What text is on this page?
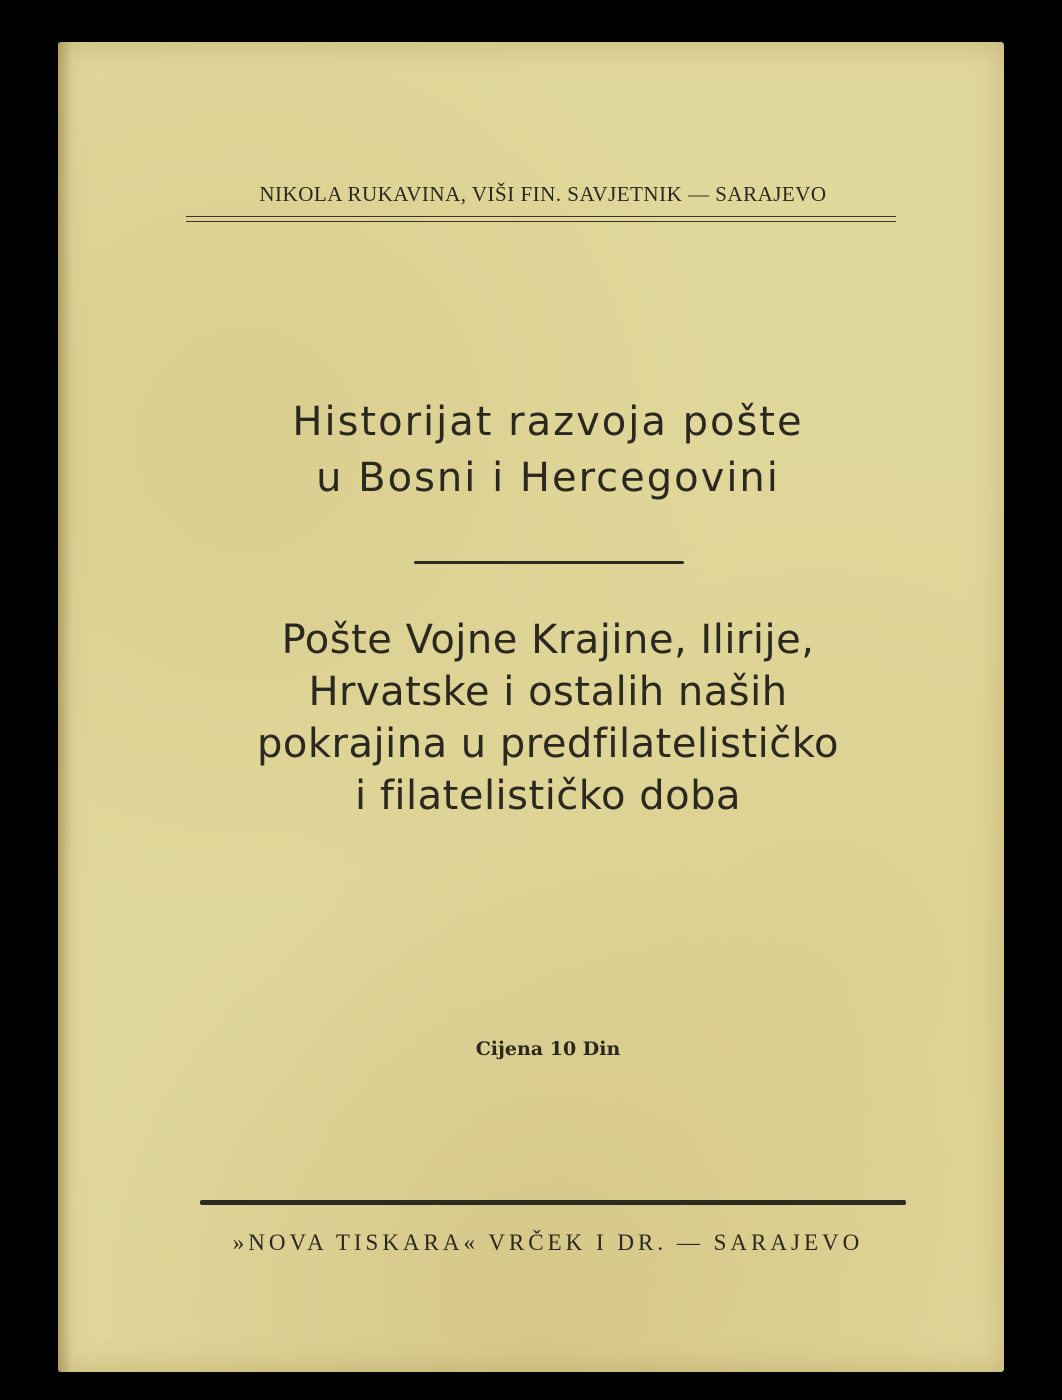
NIKOLA RUKAVINA, VIŠI FIN. SAVJETNIK — SARAJEVO
Historijat razvoja pošte
u Bosni i Hercegovini
Pošte Vojne Krajine, Ilirije,
Hrvatske i ostalih naših
pokrajina u predfilatelističko
i filatelističko doba
Cijena 10 Din
»NOVA TISKARA« VRČEK I DR. — SARAJEVO
